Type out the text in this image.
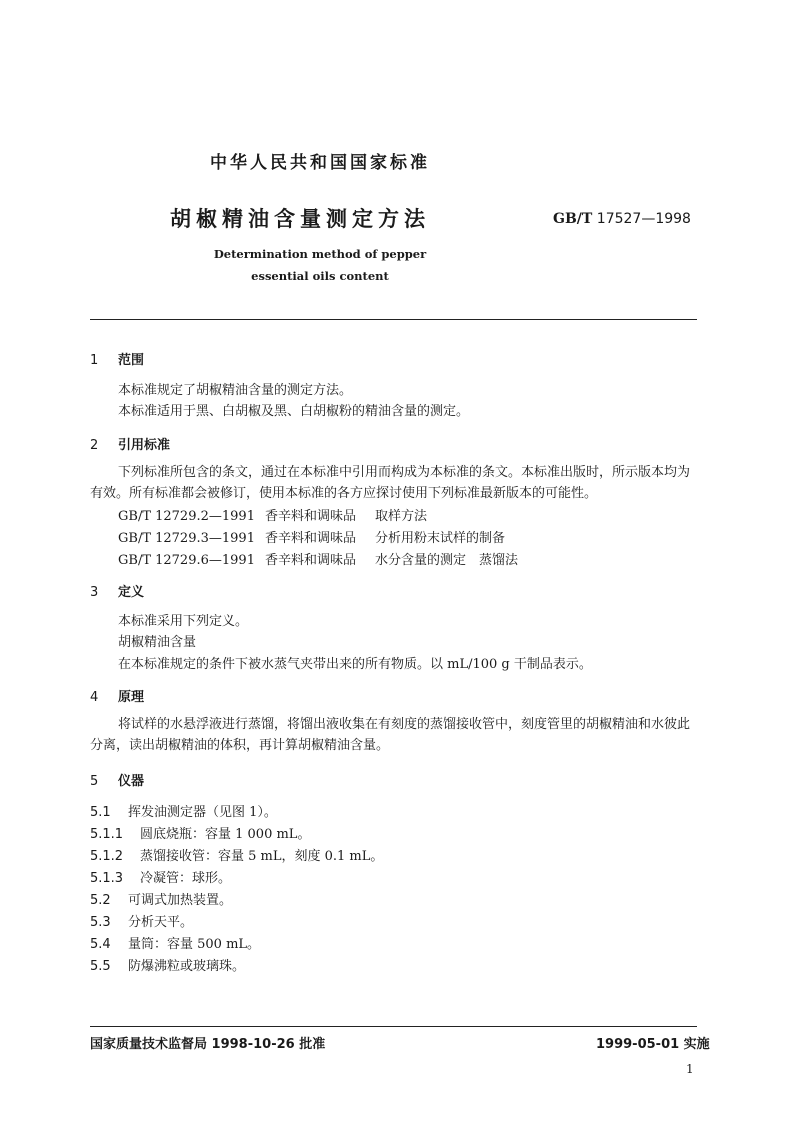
中华人民共和国国家标准
胡椒精油含量测定方法	GB/T 17527—1998
Determination method of pepper
essential oils content
1 范围
本标准规定了胡椒精油含量的测定方法。
本标准适用于黑、白胡椒及黑、白胡椒粉的精油含量的测定。
2 引用标准
下列标准所包含的条文，通过在本标准中引用而构成为本标准的条文。本标准出版时，所示版本均为有效。所有标准都会被修订，使用本标准的各方应探讨使用下列标准最新版本的可能性。
GB/T 12729.2—1991 香辛料和调味品 取样方法
GB/T 12729.3—1991 香辛料和调味品 分析用粉末试样的制备
GB/T 12729.6—1991 香辛料和调味品 水分含量的测定　蒸馏法
3 定义
本标准采用下列定义。
胡椒精油含量
在本标准规定的条件下被水蒸气夹带出来的所有物质。以 mL/100 g 干制品表示。
4 原理
将试样的水悬浮液进行蒸馏，将馏出液收集在有刻度的蒸馏接收管中，刻度管里的胡椒精油和水彼此分离，读出胡椒精油的体积，再计算胡椒精油含量。
5 仪器
5.1 挥发油测定器（见图 1）。
5.1.1 圆底烧瓶：容量 1 000 mL。
5.1.2 蒸馏接收管：容量 5 mL，刻度 0.1 mL。
5.1.3 冷凝管：球形。
5.2 可调式加热装置。
5.3 分析天平。
5.4 量筒：容量 500 mL。
5.5 防爆沸粒或玻璃珠。
国家质量技术监督局 1998-10-26 批准	1999-05-01 实施
1
